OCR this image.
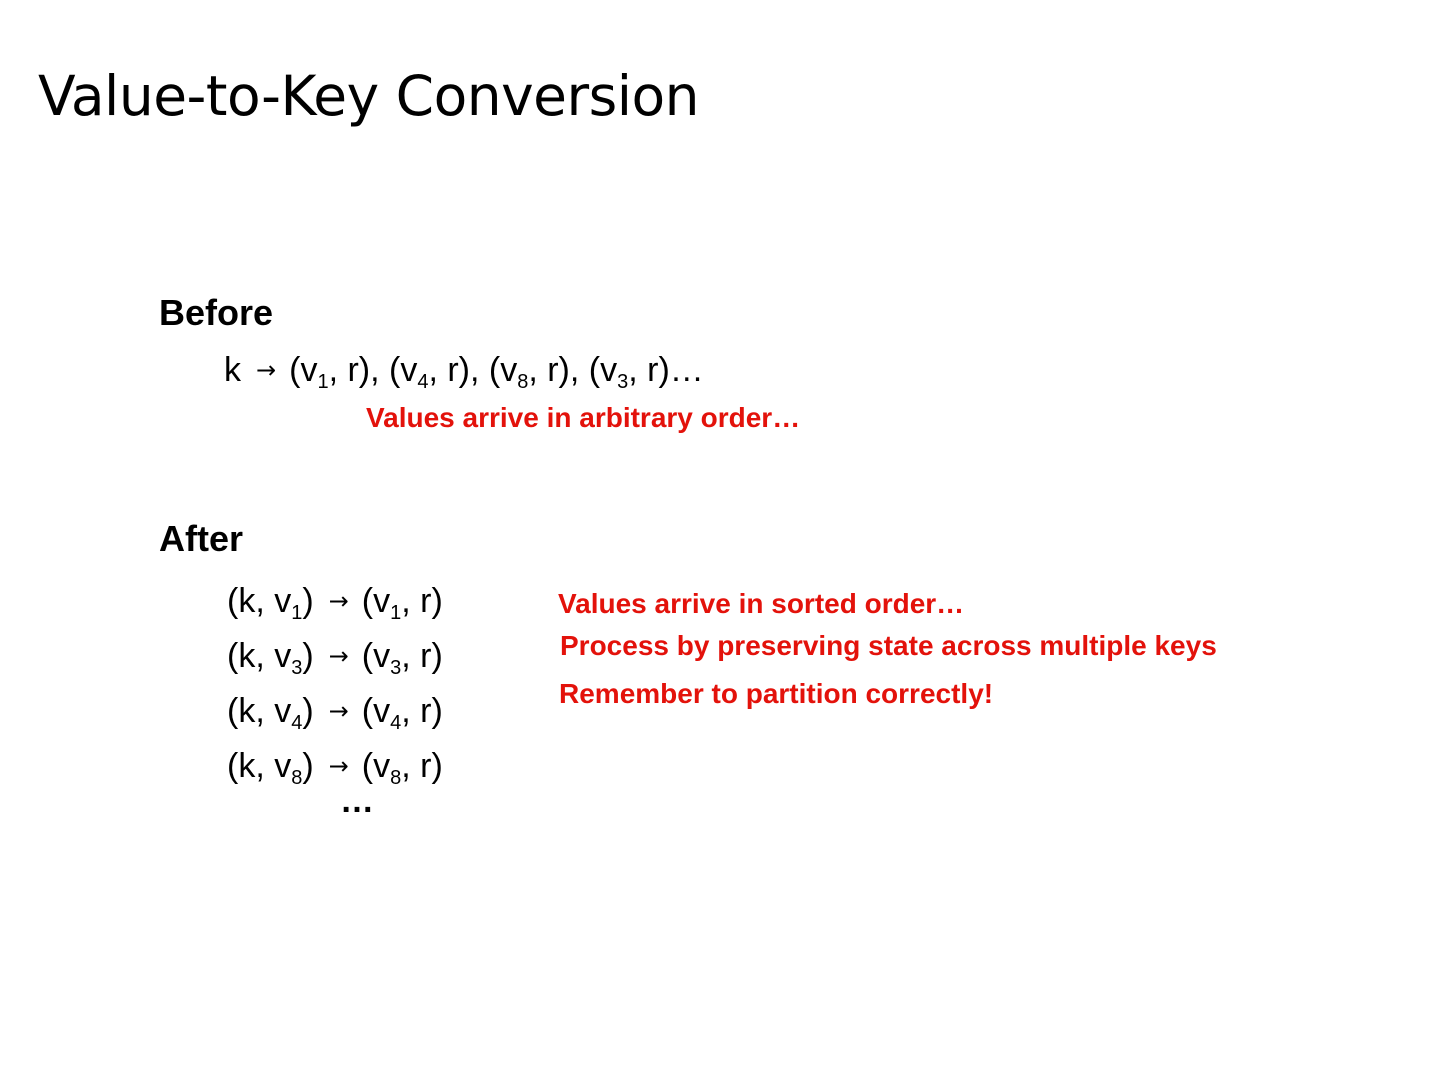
Value-to-Key Conversion
Before
$k \to (v_1$, r), ($v_4$, r), ($v_8$, r), ($v_3$, r)…
Values arrive in arbitrary order…
After
(k, $v_1) \to (v_1$, r)
(k, $v_3) \to (v_3$, r)
(k, $v_4) \to (v_4$, r)
(k, $v_8) \to (v_8$, r)
…
Values arrive in sorted order…
Process by preserving state across multiple keys
Remember to partition correctly!
